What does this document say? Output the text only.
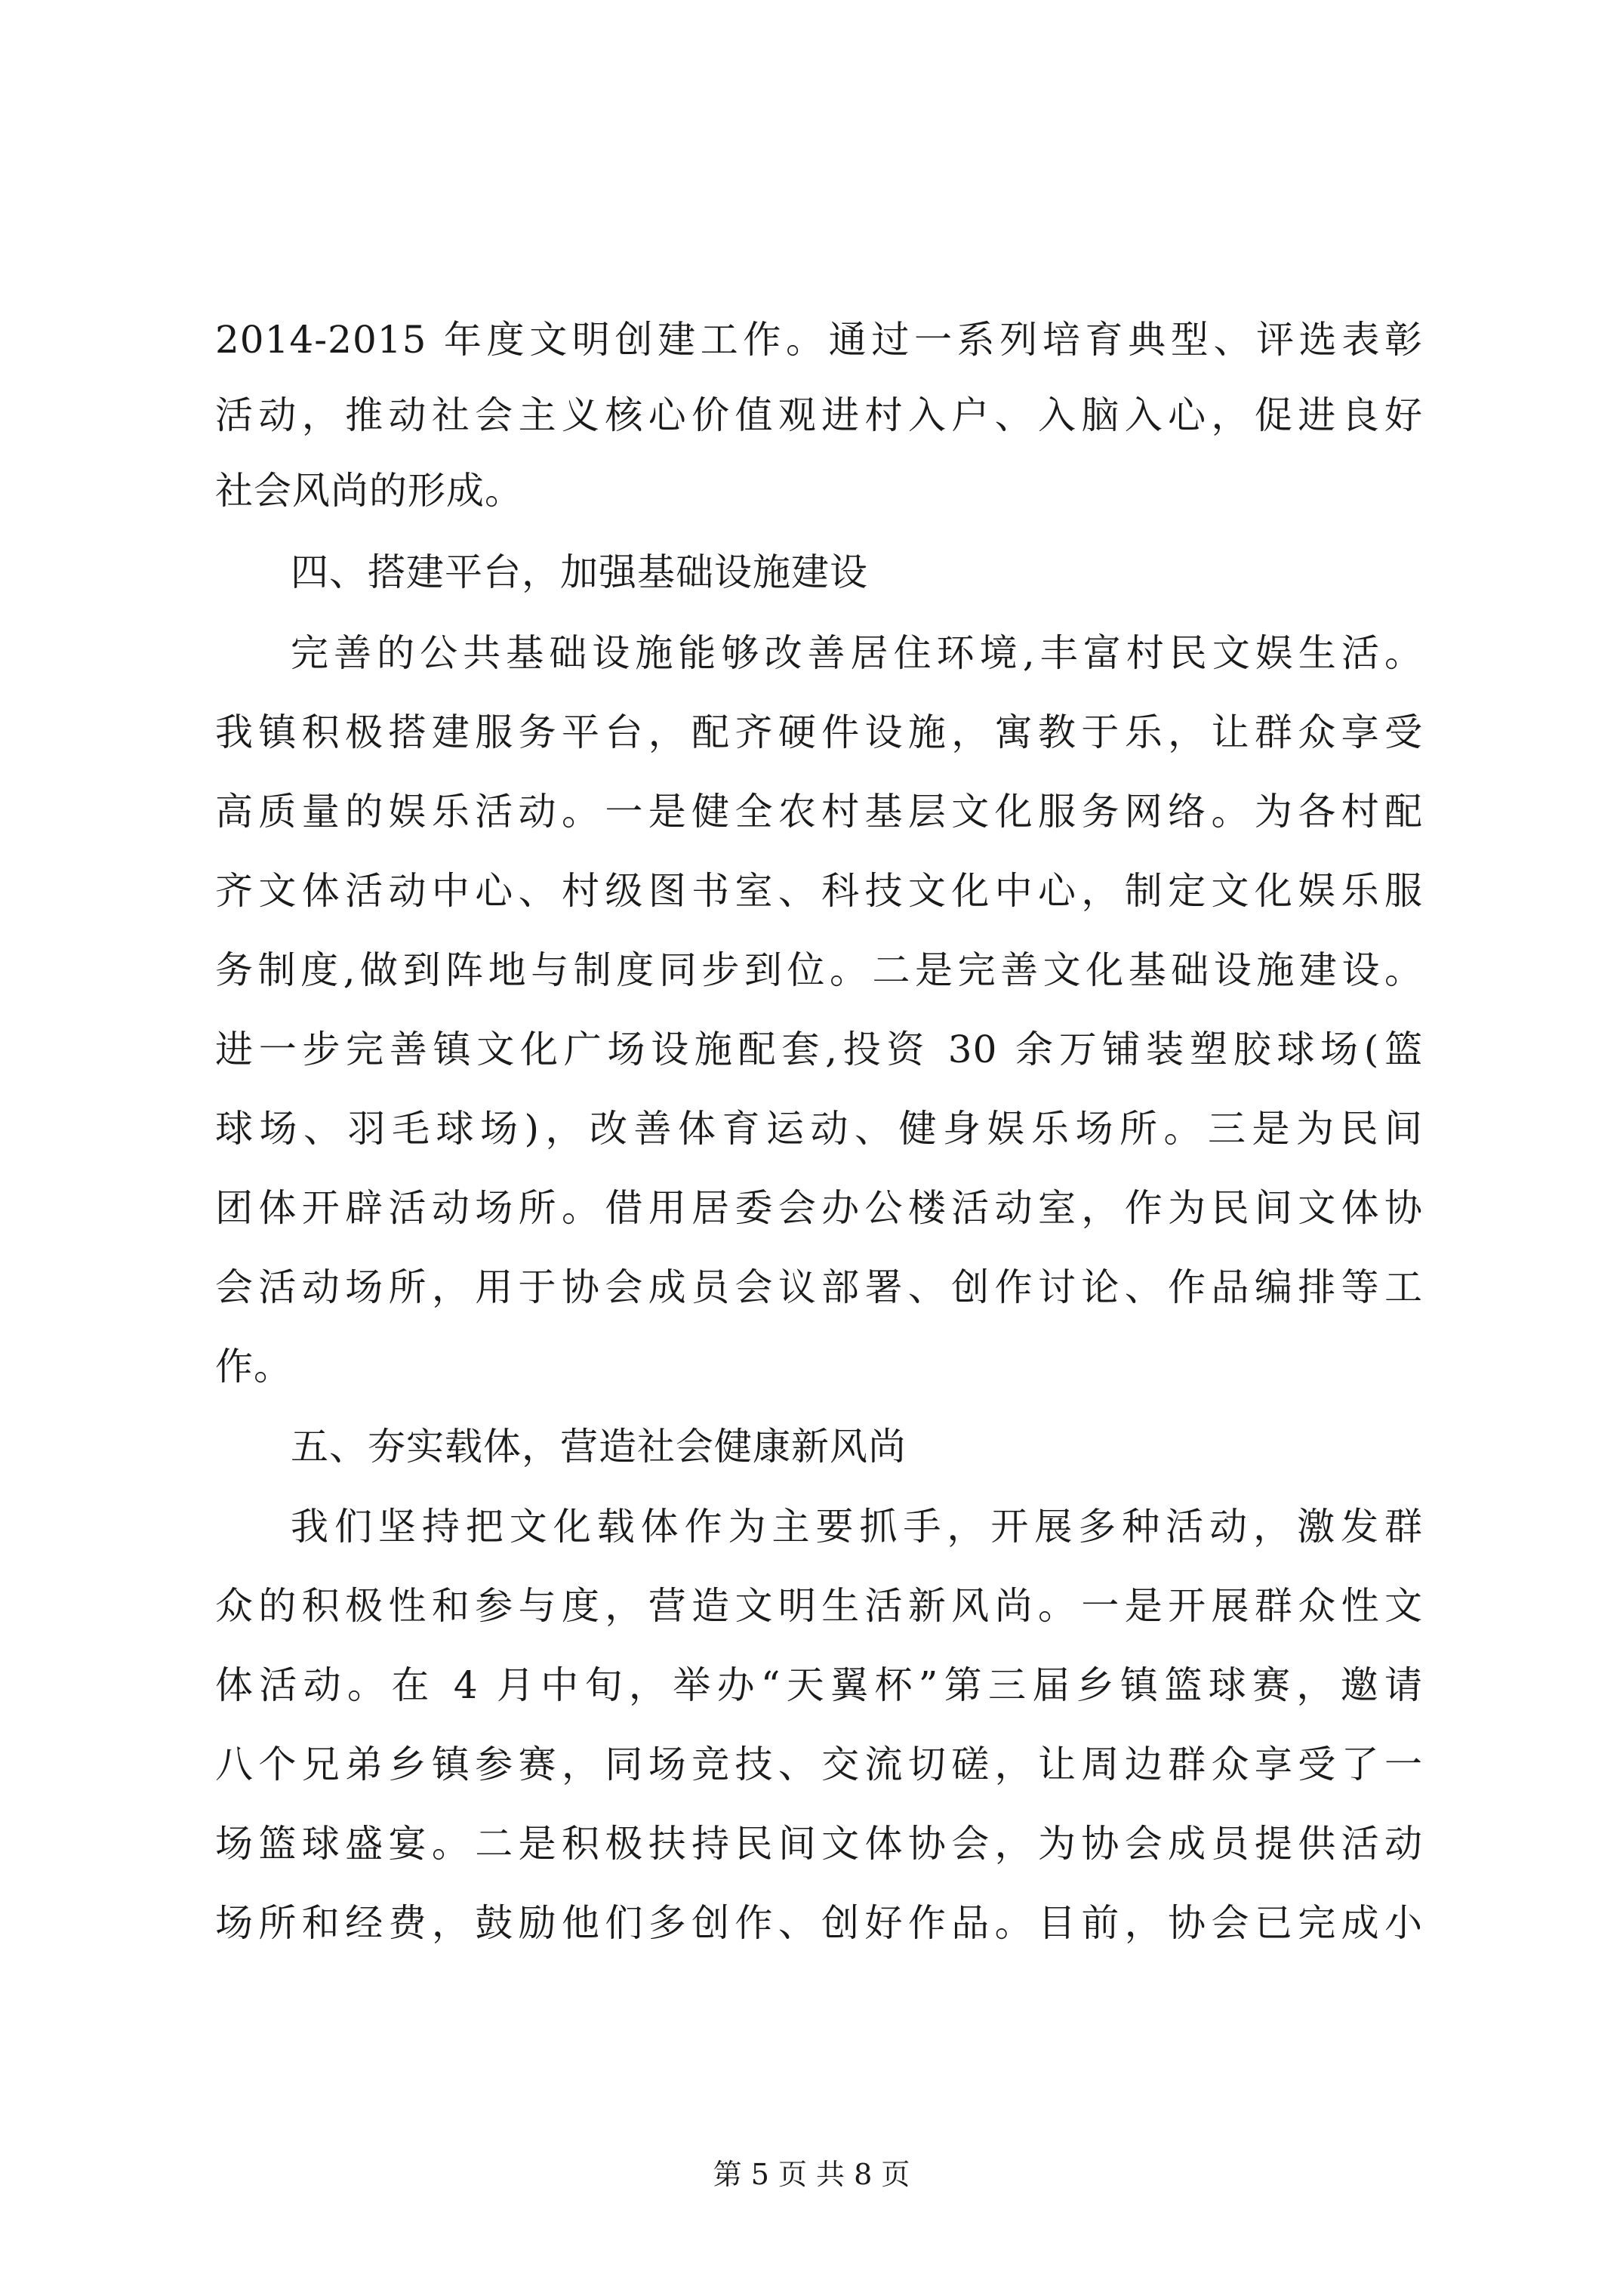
2014-2015 年度文明创建工作。通过一系列培育典型、评选表彰
活动，推动社会主义核心价值观进村入户、入脑入心，促进良好
社会风尚的形成。
四、搭建平台，加强基础设施建设
完善的公共基础设施能够改善居住环境,丰富村民文娱生活。
我镇积极搭建服务平台，配齐硬件设施，寓教于乐，让群众享受
高质量的娱乐活动。一是健全农村基层文化服务网络。为各村配
齐文体活动中心、村级图书室、科技文化中心，制定文化娱乐服
务制度,做到阵地与制度同步到位。二是完善文化基础设施建设。
进一步完善镇文化广场设施配套,投资 30 余万铺装塑胶球场(篮
球场、羽毛球场)，改善体育运动、健身娱乐场所。三是为民间
团体开辟活动场所。借用居委会办公楼活动室，作为民间文体协
会活动场所，用于协会成员会议部署、创作讨论、作品编排等工
作。
五、夯实载体，营造社会健康新风尚
我们坚持把文化载体作为主要抓手，开展多种活动，激发群
众的积极性和参与度，营造文明生活新风尚。一是开展群众性文
体活动。在 4 月中旬，举办“天翼杯”第三届乡镇篮球赛，邀请
八个兄弟乡镇参赛，同场竞技、交流切磋，让周边群众享受了一
场篮球盛宴。二是积极扶持民间文体协会，为协会成员提供活动
场所和经费，鼓励他们多创作、创好作品。目前，协会已完成小
第 5 页 共 8 页
